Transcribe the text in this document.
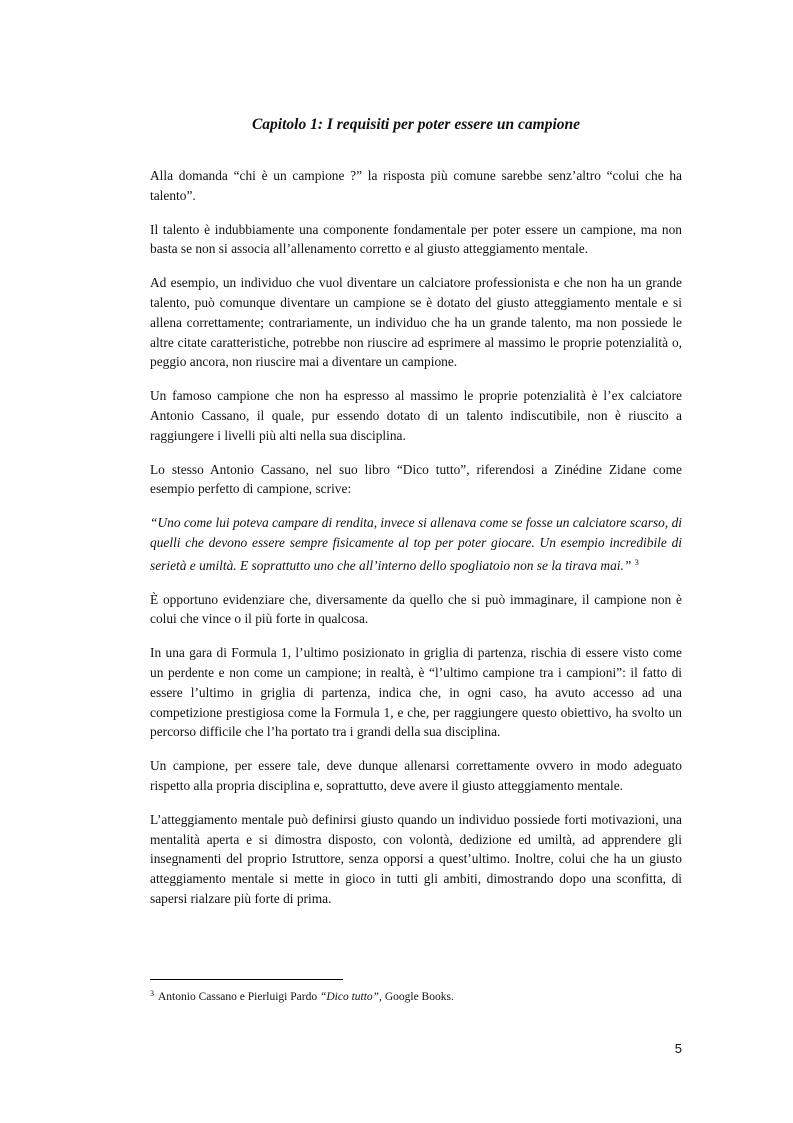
Capitolo 1: I requisiti per poter essere un campione

Alla domanda “chi è un campione ?” la risposta più comune sarebbe senz’altro “colui che ha talento”.

Il talento è indubbiamente una componente fondamentale per poter essere un campione, ma non basta se non si associa all’allenamento corretto e al giusto atteggiamento mentale.

Ad esempio, un individuo che vuol diventare un calciatore professionista e che non ha un grande talento, può comunque diventare un campione se è dotato del giusto atteggiamento mentale e si allena correttamente; contrariamente, un individuo che ha un grande talento, ma non possiede le altre citate caratteristiche, potrebbe non riuscire ad esprimere al massimo le proprie potenzialità o, peggio ancora, non riuscire mai a diventare un campione.

Un famoso campione che non ha espresso al massimo le proprie potenzialità è l’ex calciatore Antonio Cassano, il quale, pur essendo dotato di un talento indiscutibile, non è riuscito a raggiungere i livelli più alti nella sua disciplina.

Lo stesso Antonio Cassano, nel suo libro “Dico tutto”, riferendosi a Zinédine Zidane come esempio perfetto di campione, scrive:

“Uno come lui poteva campare di rendita, invece si allenava come se fosse un calciatore scarso, di quelli che devono essere sempre fisicamente al top per poter giocare. Un esempio incredibile di serietà e umiltà. E soprattutto uno che all’interno dello spogliatoio non se la tirava mai.” $^3$

È opportuno evidenziare che, diversamente da quello che si può immaginare, il campione non è colui che vince o il più forte in qualcosa.

In una gara di Formula 1, l’ultimo posizionato in griglia di partenza, rischia di essere visto come un perdente e non come un campione; in realtà, è “l’ultimo campione tra i campioni”: il fatto di essere l’ultimo in griglia di partenza, indica che, in ogni caso, ha avuto accesso ad una competizione prestigiosa come la Formula 1, e che, per raggiungere questo obiettivo, ha svolto un percorso difficile che l’ha portato tra i grandi della sua disciplina.

Un campione, per essere tale, deve dunque allenarsi correttamente ovvero in modo adeguato rispetto alla propria disciplina e, soprattutto, deve avere il giusto atteggiamento mentale.

L’atteggiamento mentale può definirsi giusto quando un individuo possiede forti motivazioni, una mentalità aperta e si dimostra disposto, con volontà, dedizione ed umiltà, ad apprendere gli insegnamenti del proprio Istruttore, senza opporsi a quest’ultimo. Inoltre, colui che ha un giusto atteggiamento mentale si mette in gioco in tutti gli ambiti, dimostrando dopo una sconfitta, di sapersi rialzare più forte di prima.

$^3$ Antonio Cassano e Pierluigi Pardo “Dico tutto”, Google Books.
5
